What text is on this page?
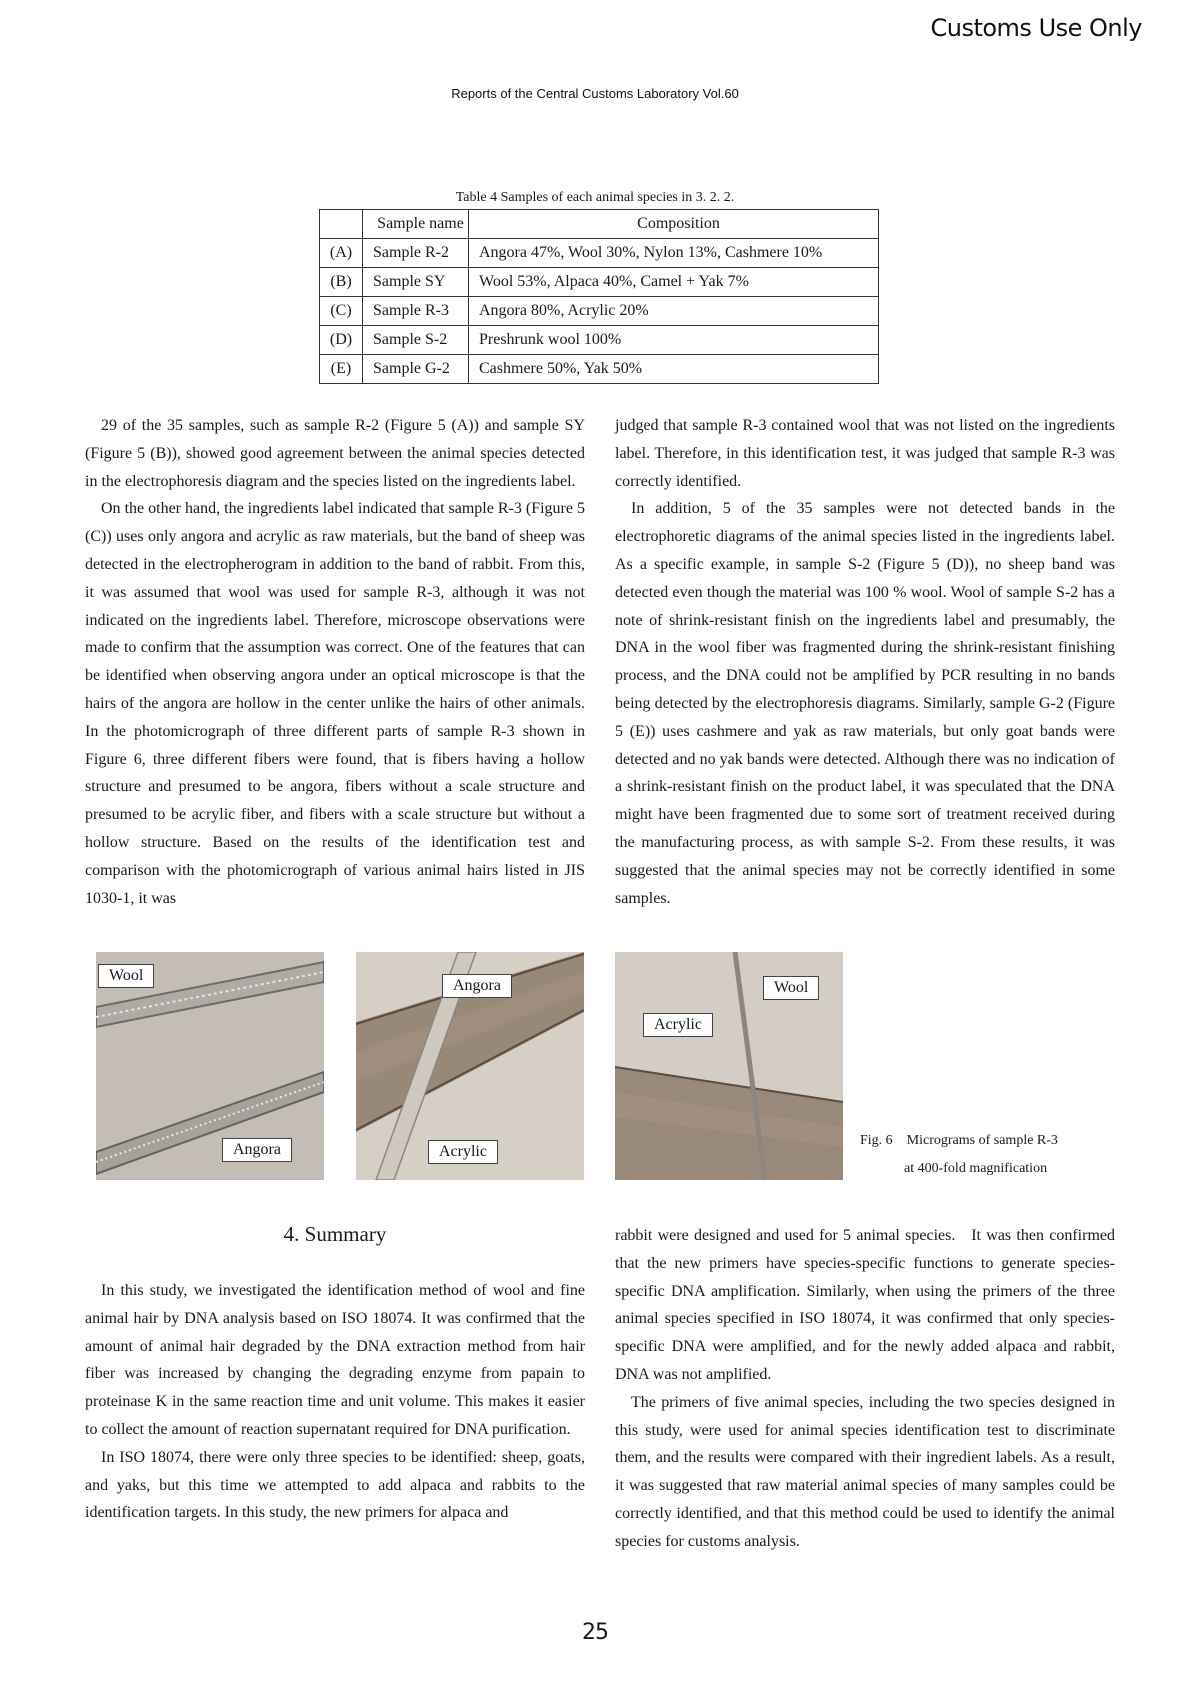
Customs Use Only
Reports of the Central Customs Laboratory Vol.60
Table 4 Samples of each animal species in 3. 2. 2.
	Sample name	Composition
(A)	Sample R-2	Angora 47%, Wool 30%, Nylon 13%, Cashmere 10%
(B)	Sample SY	Wool 53%, Alpaca 40%, Camel + Yak 7%
(C)	Sample R-3	Angora 80%, Acrylic 20%
(D)	Sample S-2	Preshrunk wool 100%
(E)	Sample G-2	Cashmere 50%, Yak 50%

29 of the 35 samples, such as sample R-2 (Figure 5 (A)) and sample SY (Figure 5 (B)), showed good agreement between the animal species detected in the electrophoresis diagram and the species listed on the ingredients label.

On the other hand, the ingredients label indicated that sample R-3 (Figure 5 (C)) uses only angora and acrylic as raw materials, but the band of sheep was detected in the electropherogram in addition to the band of rabbit. From this, it was assumed that wool was used for sample R-3, although it was not indicated on the ingredients label. Therefore, microscope observations were made to confirm that the assumption was correct. One of the features that can be identified when observing angora under an optical microscope is that the hairs of the angora are hollow in the center unlike the hairs of other animals. In the photomicrograph of three different parts of sample R-3 shown in Figure 6, three different fibers were found, that is fibers having a hollow structure and presumed to be angora, fibers without a scale structure and presumed to be acrylic fiber, and fibers with a scale structure but without a hollow structure. Based on the results of the identification test and comparison with the photomicrograph of various animal hairs listed in JIS 1030-1, it was

judged that sample R-3 contained wool that was not listed on the ingredients label. Therefore, in this identification test, it was judged that sample R-3 was correctly identified.

In addition, 5 of the 35 samples were not detected bands in the electrophoretic diagrams of the animal species listed in the ingredients label. As a specific example, in sample S-2 (Figure 5 (D)), no sheep band was detected even though the material was 100 % wool. Wool of sample S-2 has a note of shrink-resistant finish on the ingredients label and presumably, the DNA in the wool fiber was fragmented during the shrink-resistant finishing process, and the DNA could not be amplified by PCR resulting in no bands being detected by the electrophoresis diagrams. Similarly, sample G-2 (Figure 5 (E)) uses cashmere and yak as raw materials, but only goat bands were detected and no yak bands were detected. Although there was no indication of a shrink-resistant finish on the product label, it was speculated that the DNA might have been fragmented due to some sort of treatment received during the manufacturing process, as with sample S-2. From these results, it was suggested that the animal species may not be correctly identified in some samples.

Wool
Angora
Angora
Acrylic
Wool
Acrylic
Fig. 6    Micrograms of sample R-3
at 400-fold magnification
4. Summary

In this study, we investigated the identification method of wool and fine animal hair by DNA analysis based on ISO 18074. It was confirmed that the amount of animal hair degraded by the DNA extraction method from hair fiber was increased by changing the degrading enzyme from papain to proteinase K in the same reaction time and unit volume. This makes it easier to collect the amount of reaction supernatant required for DNA purification.

In ISO 18074, there were only three species to be identified: sheep, goats, and yaks, but this time we attempted to add alpaca and rabbits to the identification targets. In this study, the new primers for alpaca and

rabbit were designed and used for 5 animal species.   It was then confirmed that the new primers have species-specific functions to generate species-specific DNA amplification. Similarly, when using the primers of the three animal species specified in ISO 18074, it was confirmed that only species-specific DNA were amplified, and for the newly added alpaca and rabbit, DNA was not amplified.

The primers of five animal species, including the two species designed in this study, were used for animal species identification test to discriminate them, and the results were compared with their ingredient labels. As a result, it was suggested that raw material animal species of many samples could be correctly identified, and that this method could be used to identify the animal species for customs analysis.

25
